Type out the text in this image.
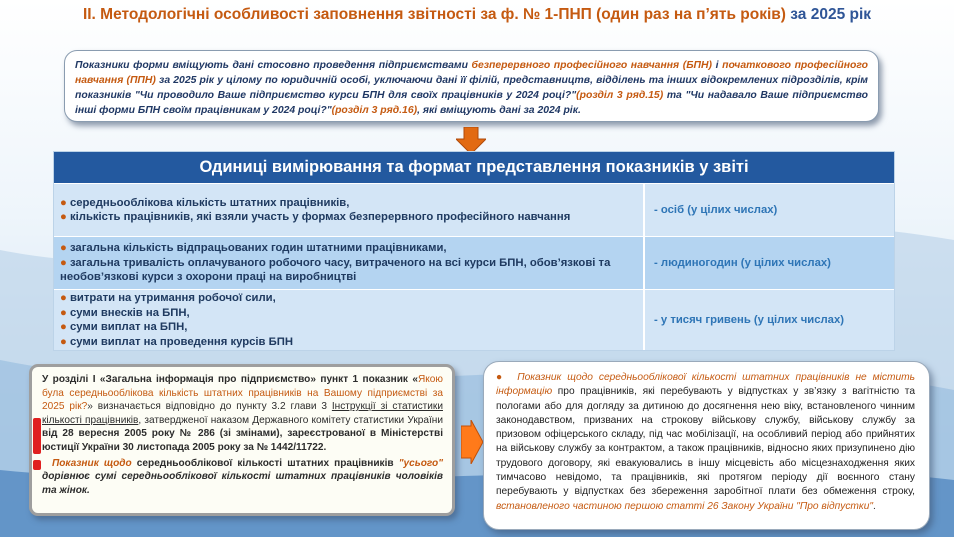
ІІ. Методологічні особливості заповнення звітності за ф. № 1-ПНП (один раз на п’ять років) за 2025 рік
Показники форми вміщують дані стосовно проведення підприємствами безперервного професійного навчання (БПН) і початкового професійного навчання (ППН) за 2025 рік у цілому по юридичній особі, уключаючи дані її філій, представництв, відділень та інших відокремлених підрозділів, крім показників "Чи проводило Ваше підприємство курси БПН для своїх працівників у 2024 році?"(розділ 3 ряд.15) та "Чи надавало Ваше підприємство інші форми БПН своїм працівникам у 2024 році?"(розділ 3 ряд.16), які вміщують дані за 2024 рік.
Одиниці вимірювання та формат представлення показників у звіті
● середньооблікова кількість штатних працівників,
● кількість працівників, які взяли участь у формах безперервного професійного навчання
- осіб (у цілих числах)
● загальна кількість відпрацьованих годин штатними працівниками,
● загальна тривалість оплачуваного робочого часу, витраченого на всі курси БПН, обов’язкові та необов’язкові курси з охорони праці на виробництві
- людиногодин (у цілих числах)
● витрати на утримання робочої сили,
● суми внесків на БПН,
● суми виплат на БПН,
● суми виплат на проведення курсів БПН
- у тисяч гривень (у цілих числах)
У розділі І «Загальна інформація про підприємство» пункт 1 показник «Якою була середньооблікова кількість штатних працівників на Вашому підприємстві за 2025 рік?» визначається відповідно до пункту 3.2 глави 3 Інструкції зі статистики кількості працівників, затвердженої наказом Державного комітету статистики України від 28 вересня 2005 року № 286 (зі змінами), зареєстрованої в Міністерстві юстиції України 30 листопада 2005 року за № 1442/11722.
Показник щодо середньооблікової кількості штатних працівників "усього" дорівнює сумі середньооблікової кількості штатних працівників чоловіків та жінок.
● Показник щодо середньооблікової кількості штатних працівників не містить інформацію про працівників, які перебувають у відпустках у зв’язку з вагітністю та пологами або для догляду за дитиною до досягнення нею віку, встановленого чинним законодавством, призваних на строкову військову службу, військову службу за призовом офіцерського складу, під час мобілізації, на особливий період або прийнятих на військову службу за контрактом, а також працівників, відносно яких призупинено дію трудового договору, які евакуювались в іншу місцевість або місцезнаходження яких тимчасово невідомо, та працівників, які протягом періоду дії воєнного стану перебувають у відпустках без збереження заробітної плати без обмеження строку, встановленого частиною першою статті 26 Закону України "Про відпустки".
